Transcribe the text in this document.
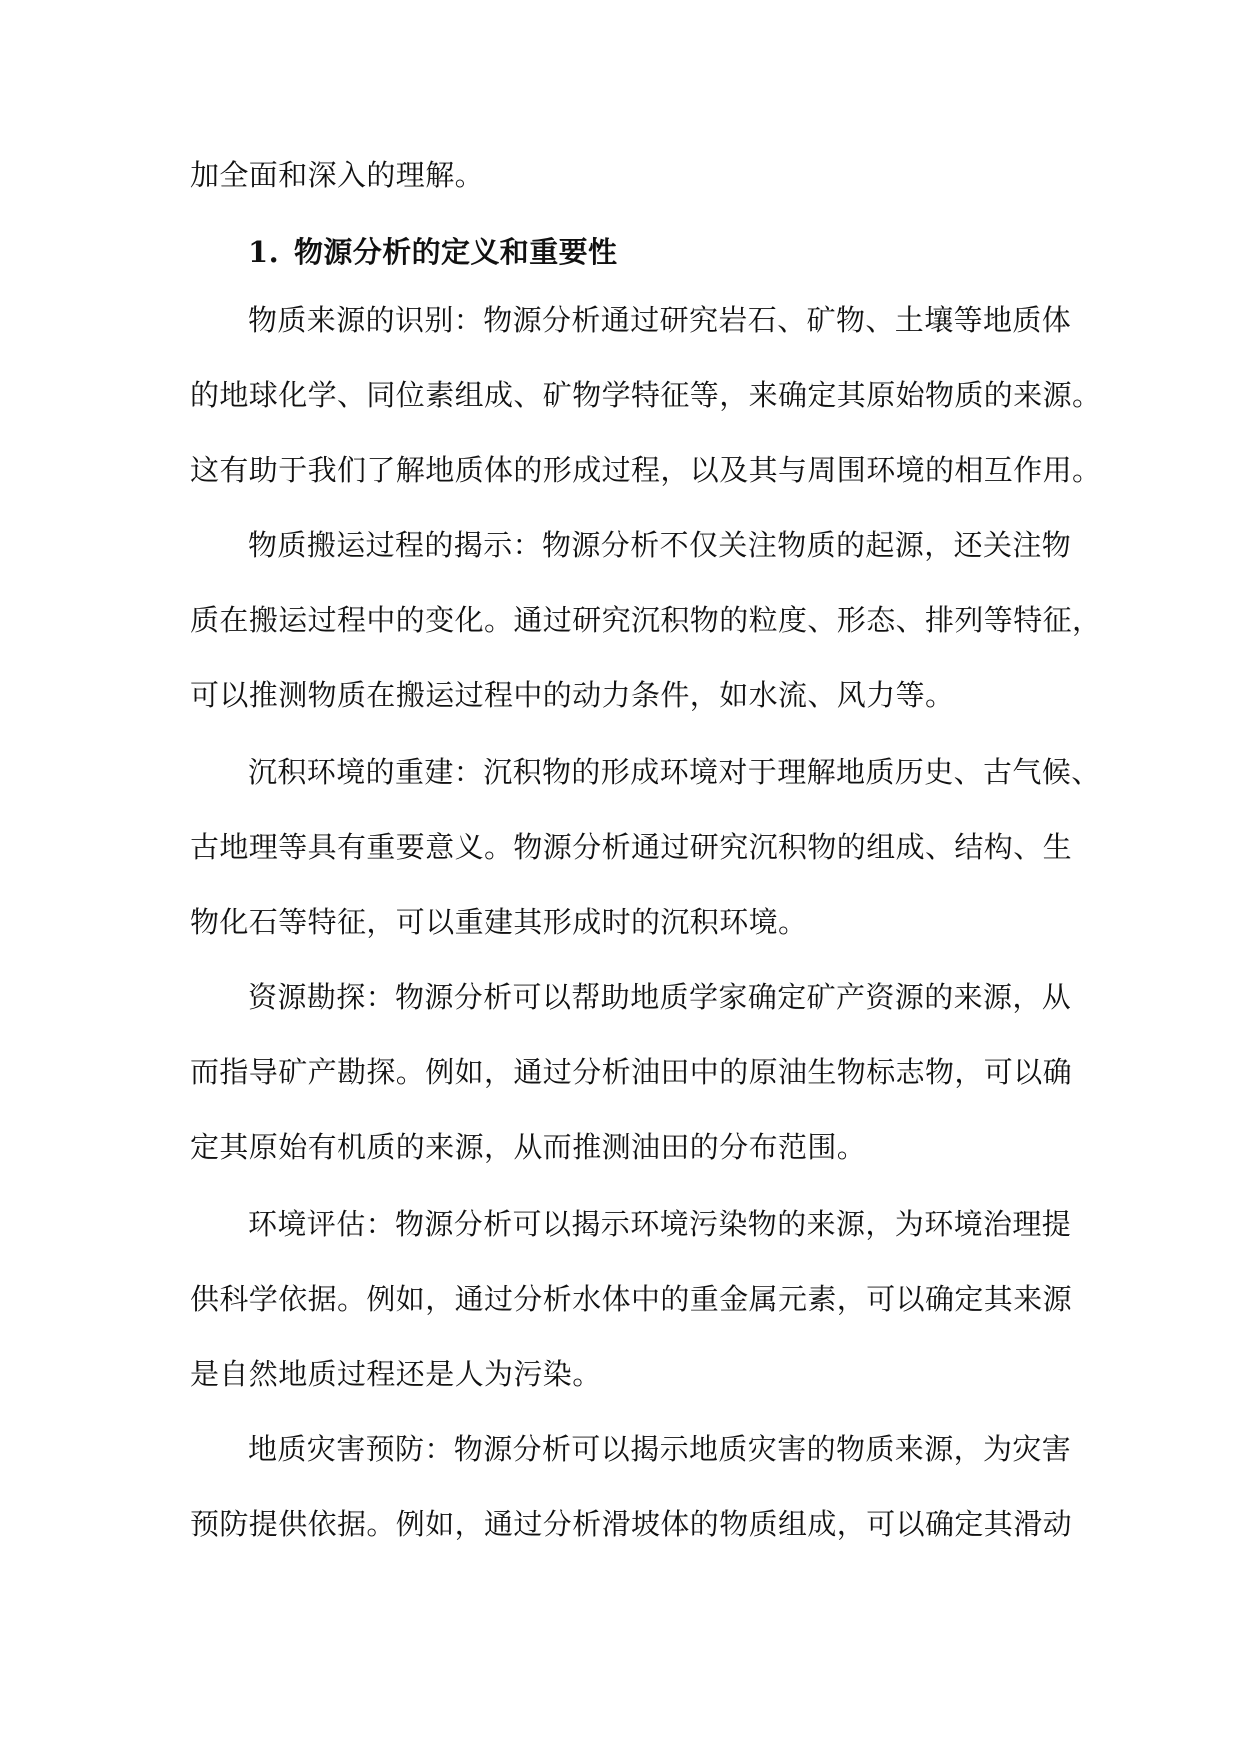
加全面和深入的理解。
1. 物源分析的定义和重要性
物质来源的识别：物源分析通过研究岩石、矿物、土壤等地质体
的地球化学、同位素组成、矿物学特征等，来确定其原始物质的来源。
这有助于我们了解地质体的形成过程，以及其与周围环境的相互作用。
物质搬运过程的揭示：物源分析不仅关注物质的起源，还关注物
质在搬运过程中的变化。通过研究沉积物的粒度、形态、排列等特征，
可以推测物质在搬运过程中的动力条件，如水流、风力等。
沉积环境的重建：沉积物的形成环境对于理解地质历史、古气候、
古地理等具有重要意义。物源分析通过研究沉积物的组成、结构、生
物化石等特征，可以重建其形成时的沉积环境。
资源勘探：物源分析可以帮助地质学家确定矿产资源的来源，从
而指导矿产勘探。例如，通过分析油田中的原油生物标志物，可以确
定其原始有机质的来源，从而推测油田的分布范围。
环境评估：物源分析可以揭示环境污染物的来源，为环境治理提
供科学依据。例如，通过分析水体中的重金属元素，可以确定其来源
是自然地质过程还是人为污染。
地质灾害预防：物源分析可以揭示地质灾害的物质来源，为灾害
预防提供依据。例如，通过分析滑坡体的物质组成，可以确定其滑动
